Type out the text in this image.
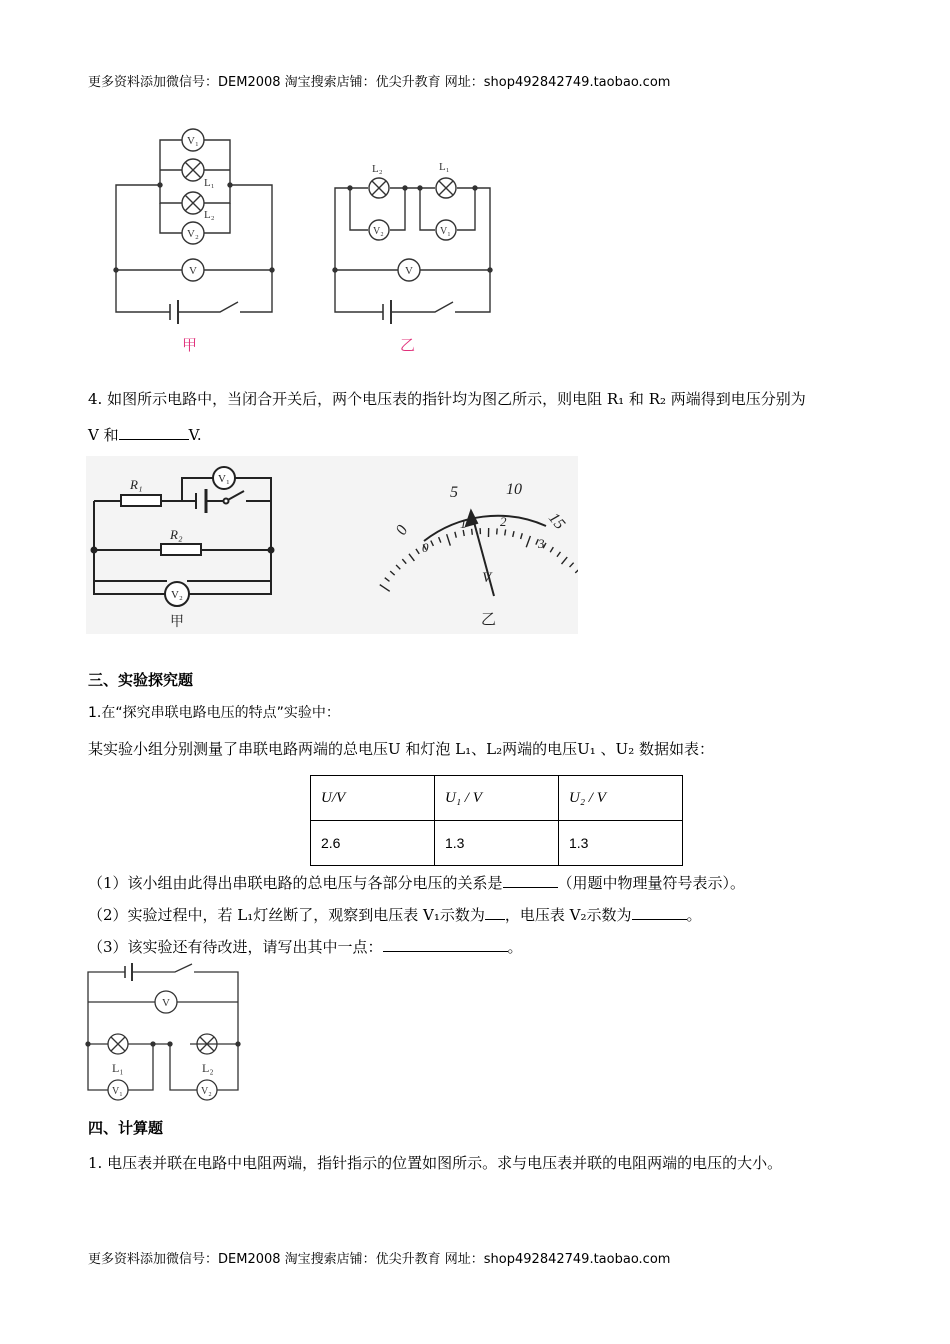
更多资料添加微信号：DEM2008 淘宝搜索店铺：优尖升教育 网址：shop492842749.taobao.com
V₁
V₂
V
L₁
L₂
甲
L₂	L₁
V₂	V₁
V
乙
4. 如图所示电路中，当闭合开关后，两个电压表的指针均为图乙所示，则电阻 R₁ 和 R₂ 两端得到电压分别为
V 和	V.
R₁
R₂
V₁
V₂
甲
0
5	10
15
0
1	2
3
V
乙
三、实验探究题
1.在“探究串联电路电压的特点”实验中：
某实验小组分别测量了串联电路两端的总电压U 和灯泡 L₁、L₂两端的电压U₁ 、U₂ 数据如表：
U/V	U₁ / V	U₂ / V
2.6	1.3	1.3
（1）该小组由此得出串联电路的总电压与各部分电压的关系是	（用题中物理量符号表示）。
（2）实验过程中，若 L₁灯丝断了，观察到电压表 V₁示数为 ，电压表 V₂示数为	。
（3）该实验还有待改进，请写出其中一点：	。
V
L₁	L₂
V₁	V₂
四、计算题
1. 电压表并联在电路中电阻两端，指针指示的位置如图所示。求与电压表并联的电阻两端的电压的大小。
更多资料添加微信号：DEM2008 淘宝搜索店铺：优尖升教育 网址：shop492842749.taobao.com
